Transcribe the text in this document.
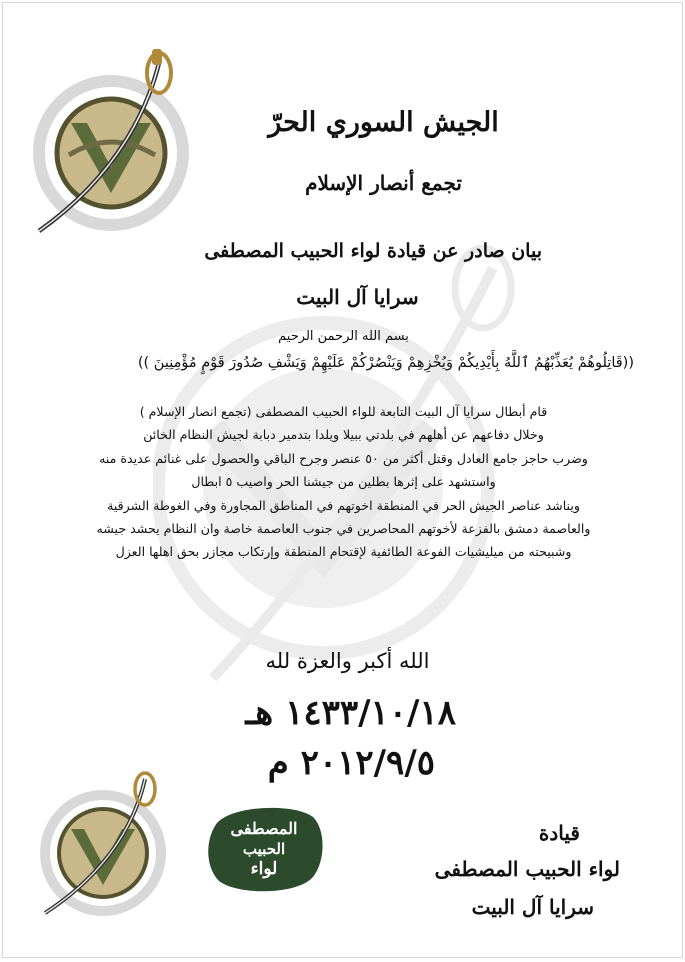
الجيش السوري الحرّ
تجمع أنصار الإسلام
بيان صادر عن قيادة لواء الحبيب المصطفى
سرايا آل البيت
بسم الله الرحمن الرحيم
((قَاتِلُوهُمْ يُعَذِّبْهُمُ ٱللَّهُ بِأَيْدِيكُمْ وَيُخْزِهِمْ وَيَنْصُرْكُمْ عَلَيْهِمْ وَيَشْفِ صُدُورَ قَوْمٍ مُؤْمِنِينَ ))
قام أبطال سرايا آل البيت التابعة للواء الحبيب المصطفى (تجمع انصار الإسلام )
وخلال دفاعهم عن أهلهم في بلدتي ببيلا ويلدا بتدمير دبابة لجيش النظام الخائن
وضرب حاجز جامع العادل وقتل أكثر من ٥٠ عنصر وجرح الباقي والحصول على غنائم عديدة منه
واستشهد على إثرها بطلين من جيشنا الحر واصيب ٥ ابطال
ويناشد عناصر الجيش الحر في المنطقة اخوتهم في المناطق المجاورة وفي الغوطة الشرقية
والعاصمة دمشق بالفزعة لأخوتهم المحاصرين في جنوب العاصمة خاصة وان النظام يحشد جيشه
وشبيحته من ميليشيات الفوعة الطائفية لإقتحام المنطقة وإرتكاب مجازر بحق اهلها العزل
الله أكبر والعزة لله
١٤٣٣/١٠/١٨ هـ
٢٠١٢/٩/٥ م
المصطفى
الحبيب
لواء
قيادة
لواء الحبيب المصطفى
سرايا آل البيت
